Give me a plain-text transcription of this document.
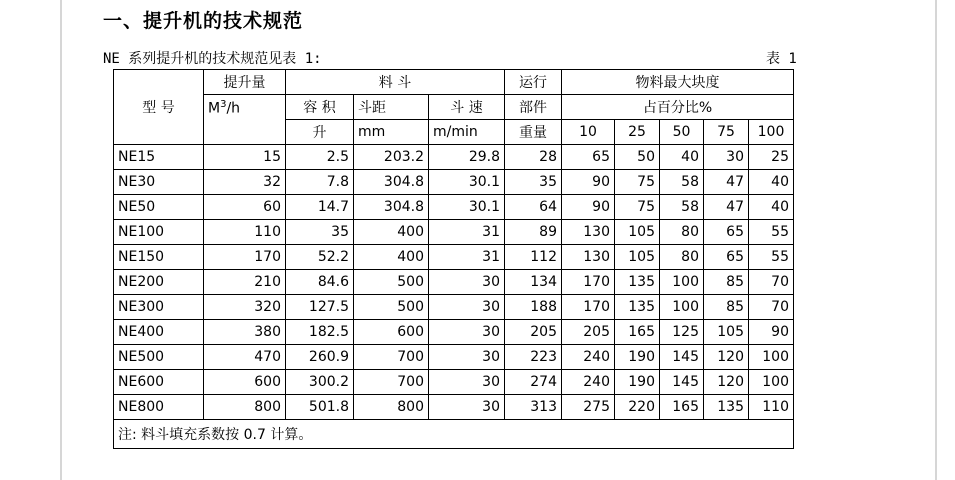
一、提升机的技术规范
NE 系列提升机的技术规范见表 1:	表 1
型 号	提升量	料 斗			运行	物料最大块度				
	$M^3/h$	容 积	斗距	斗 速	部件	占百分比%				
		升	mm	m/min	重量	10	25	50	75	100
NE15	15	2.5	203.2	29.8	28	65	50	40	30	25
NE30	32	7.8	304.8	30.1	35	90	75	58	47	40
NE50	60	14.7	304.8	30.1	64	90	75	58	47	40
NE100	110	35	400	31	89	130	105	80	65	55
NE150	170	52.2	400	31	112	130	105	80	65	55
NE200	210	84.6	500	30	134	170	135	100	85	70
NE300	320	127.5	500	30	188	170	135	100	85	70
NE400	380	182.5	600	30	205	205	165	125	105	90
NE500	470	260.9	700	30	223	240	190	145	120	100
NE600	600	300.2	700	30	274	240	190	145	120	100
NE800	800	501.8	800	30	313	275	220	165	135	110
注: 料斗填充系数按 0.7 计算。										
